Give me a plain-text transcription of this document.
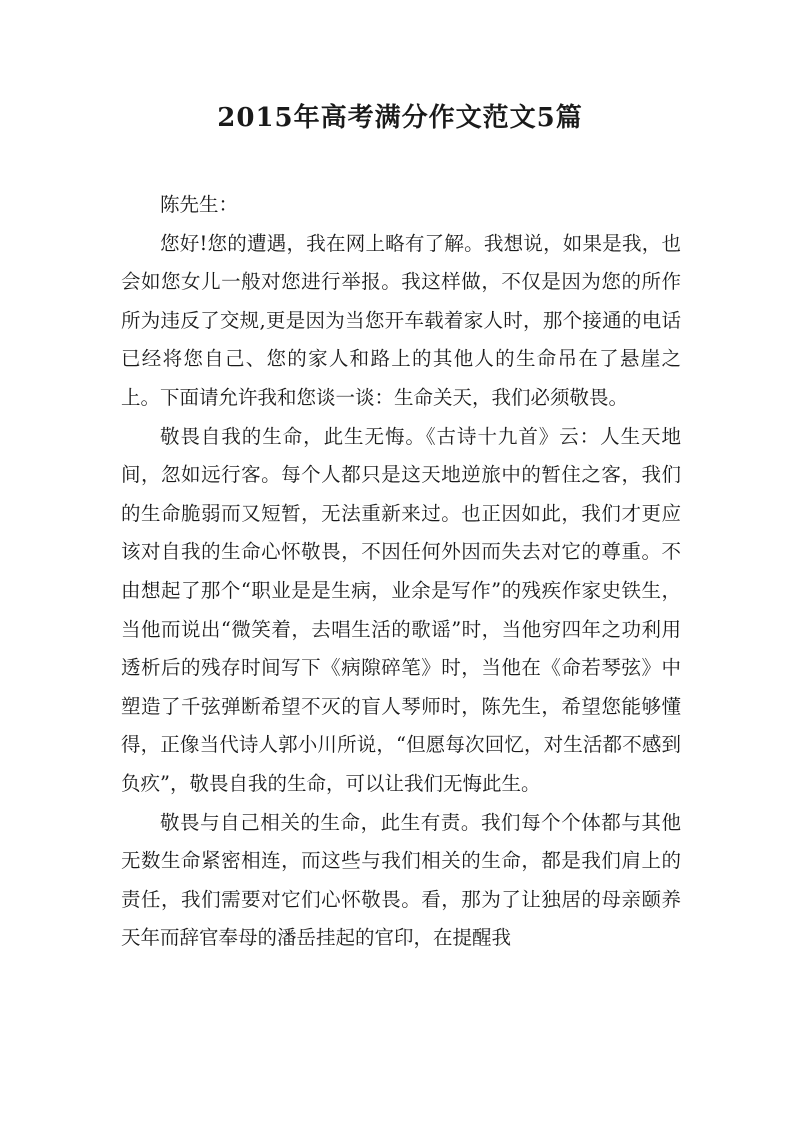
2015年高考满分作文范文5篇

陈先生：

您好!您的遭遇，我在网上略有了解。我想说，如果是我，也会如您女儿一般对您进行举报。我这样做，不仅是因为您的所作所为违反了交规,更是因为当您开车载着家人时，那个接通的电话已经将您自己、您的家人和路上的其他人的生命吊在了悬崖之上。下面请允许我和您谈一谈：生命关天，我们必须敬畏。

敬畏自我的生命，此生无悔。《古诗十九首》云：人生天地间，忽如远行客。每个人都只是这天地逆旅中的暂住之客，我们的生命脆弱而又短暂，无法重新来过。也正因如此，我们才更应该对自我的生命心怀敬畏，不因任何外因而失去对它的尊重。不由想起了那个“职业是是生病，业余是写作”的残疾作家史铁生，当他而说出“微笑着，去唱生活的歌谣”时，当他穷四年之功利用透析后的残存时间写下《病隙碎笔》时，当他在《命若琴弦》中塑造了千弦弹断希望不灭的盲人琴师时，陈先生，希望您能够懂得，正像当代诗人郭小川所说，“但愿每次回忆，对生活都不感到负疚”，敬畏自我的生命，可以让我们无悔此生。

敬畏与自己相关的生命，此生有责。我们每个个体都与其他无数生命紧密相连，而这些与我们相关的生命，都是我们肩上的责任，我们需要对它们心怀敬畏。看，那为了让独居的母亲颐养天年而辞官奉母的潘岳挂起的官印，在提醒我
